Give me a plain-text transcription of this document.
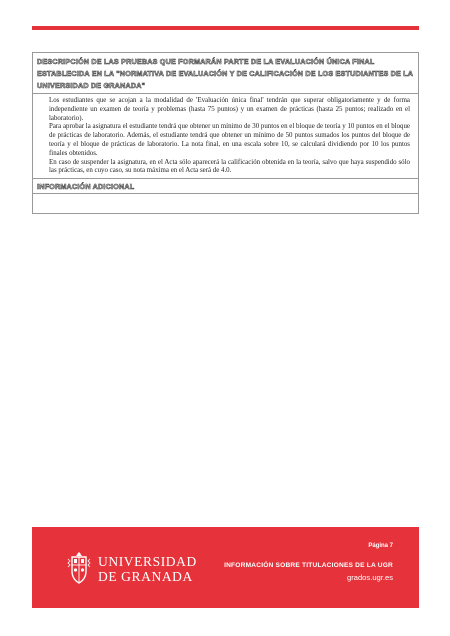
DESCRIPCIÓN DE LAS PRUEBAS QUE FORMARÁN PARTE DE LA EVALUACIÓN ÚNICA FINAL ESTABLECIDA EN LA "NORMATIVA DE EVALUACIÓN Y DE CALIFICACIÓN DE LOS ESTUDIANTES DE LA UNIVERSIDAD DE GRANADA"

Los estudiantes que se acojan a la modalidad de 'Evaluación única final' tendrán que superar obligatoriamente y de forma independiente un examen de teoría y problemas (hasta 75 puntos) y un examen de prácticas (hasta 25 puntos; realizado en el laboratorio).

Para aprobar la asignatura el estudiante tendrá que obtener un mínimo de 30 puntos en el bloque de teoría y 10 puntos en el bloque de prácticas de laboratorio. Además, el estudiante tendrá que obtener un mínimo de 50 puntos sumados los puntos del bloque de teoría y el bloque de prácticas de laboratorio. La nota final, en una escala sobre 10, se calculará dividiendo por 10 los puntos finales obtenidos.

En caso de suspender la asignatura, en el Acta sólo aparecerá la calificación obtenida en la teoría, salvo que haya suspendido sólo las prácticas, en cuyo caso, su nota máxima en el Acta será de 4.0.

INFORMACIÓN ADICIONAL
UNIVERSIDAD
DE GRANADA
Página 7
INFORMACIÓN SOBRE TITULACIONES DE LA UGR
grados.ugr.es
